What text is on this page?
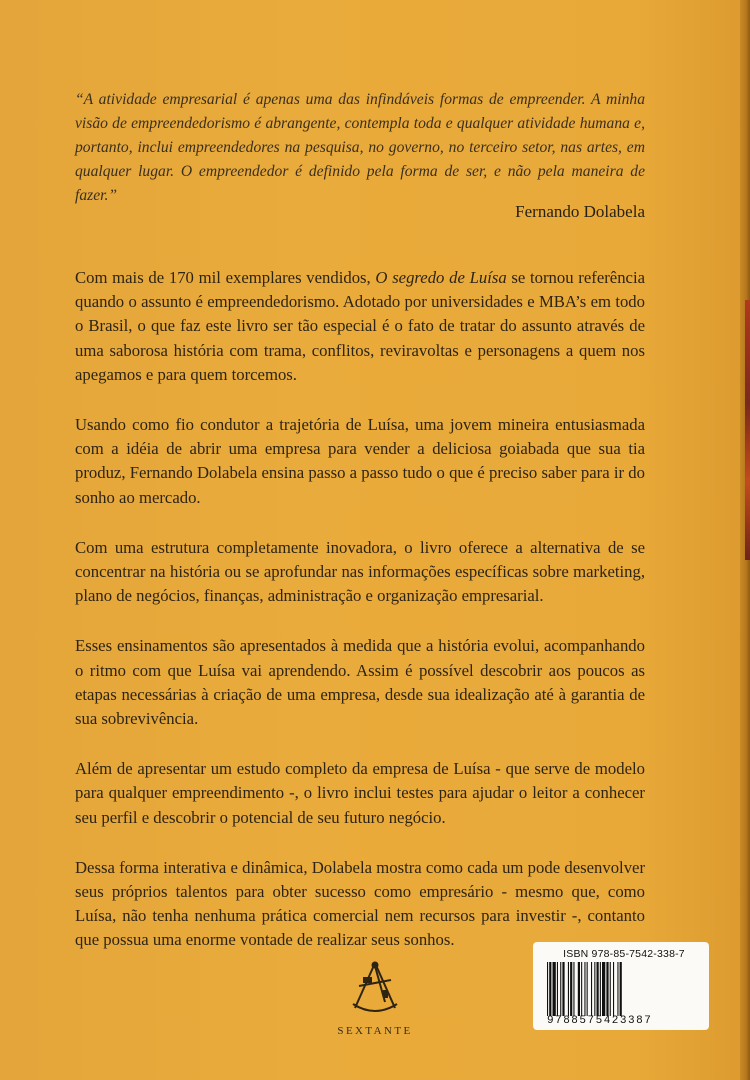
“A atividade empresarial é apenas uma das infindáveis formas de empreender. A minha visão de empreendedorismo é abrangente, contempla toda e qualquer atividade humana e, portanto, inclui empreendedores na pesquisa, no governo, no terceiro setor, nas artes, em qualquer lugar. O empreendedor é definido pela forma de ser, e não pela maneira de fazer.”
Fernando Dolabela

Com mais de 170 mil exemplares vendidos, O segredo de Luísa se tornou referência quando o assunto é empreendedorismo. Adotado por universidades e MBA’s em todo o Brasil, o que faz este livro ser tão especial é o fato de tratar do assunto através de uma saborosa história com trama, conflitos, reviravoltas e personagens a quem nos apegamos e para quem torcemos.

Usando como fio condutor a trajetória de Luísa, uma jovem mineira entusiasmada com a idéia de abrir uma empresa para vender a deliciosa goiabada que sua tia produz, Fernando Dolabela ensina passo a passo tudo o que é preciso saber para ir do sonho ao mercado.

Com uma estrutura completamente inovadora, o livro oferece a alternativa de se concentrar na história ou se aprofundar nas informações específicas sobre marketing, plano de negócios, finanças, administração e organização empresarial.

Esses ensinamentos são apresentados à medida que a história evolui, acompanhando o ritmo com que Luísa vai aprendendo. Assim é possível descobrir aos poucos as etapas necessárias à criação de uma empresa, desde sua idealização até à garantia de sua sobrevivência.

Além de apresentar um estudo completo da empresa de Luísa - que serve de modelo para qualquer empreendimento -, o livro inclui testes para ajudar o leitor a conhecer seu perfil e descobrir o potencial de seu futuro negócio.

Dessa forma interativa e dinâmica, Dolabela mostra como cada um pode desenvolver seus próprios talentos para obter sucesso como empresário - mesmo que, como Luísa, não tenha nenhuma prática comercial nem recursos para investir -, contanto que possua uma enorme vontade de realizar seus sonhos.

SEXTANTE
ISBN 978-85-7542-338-7
9788575423387
